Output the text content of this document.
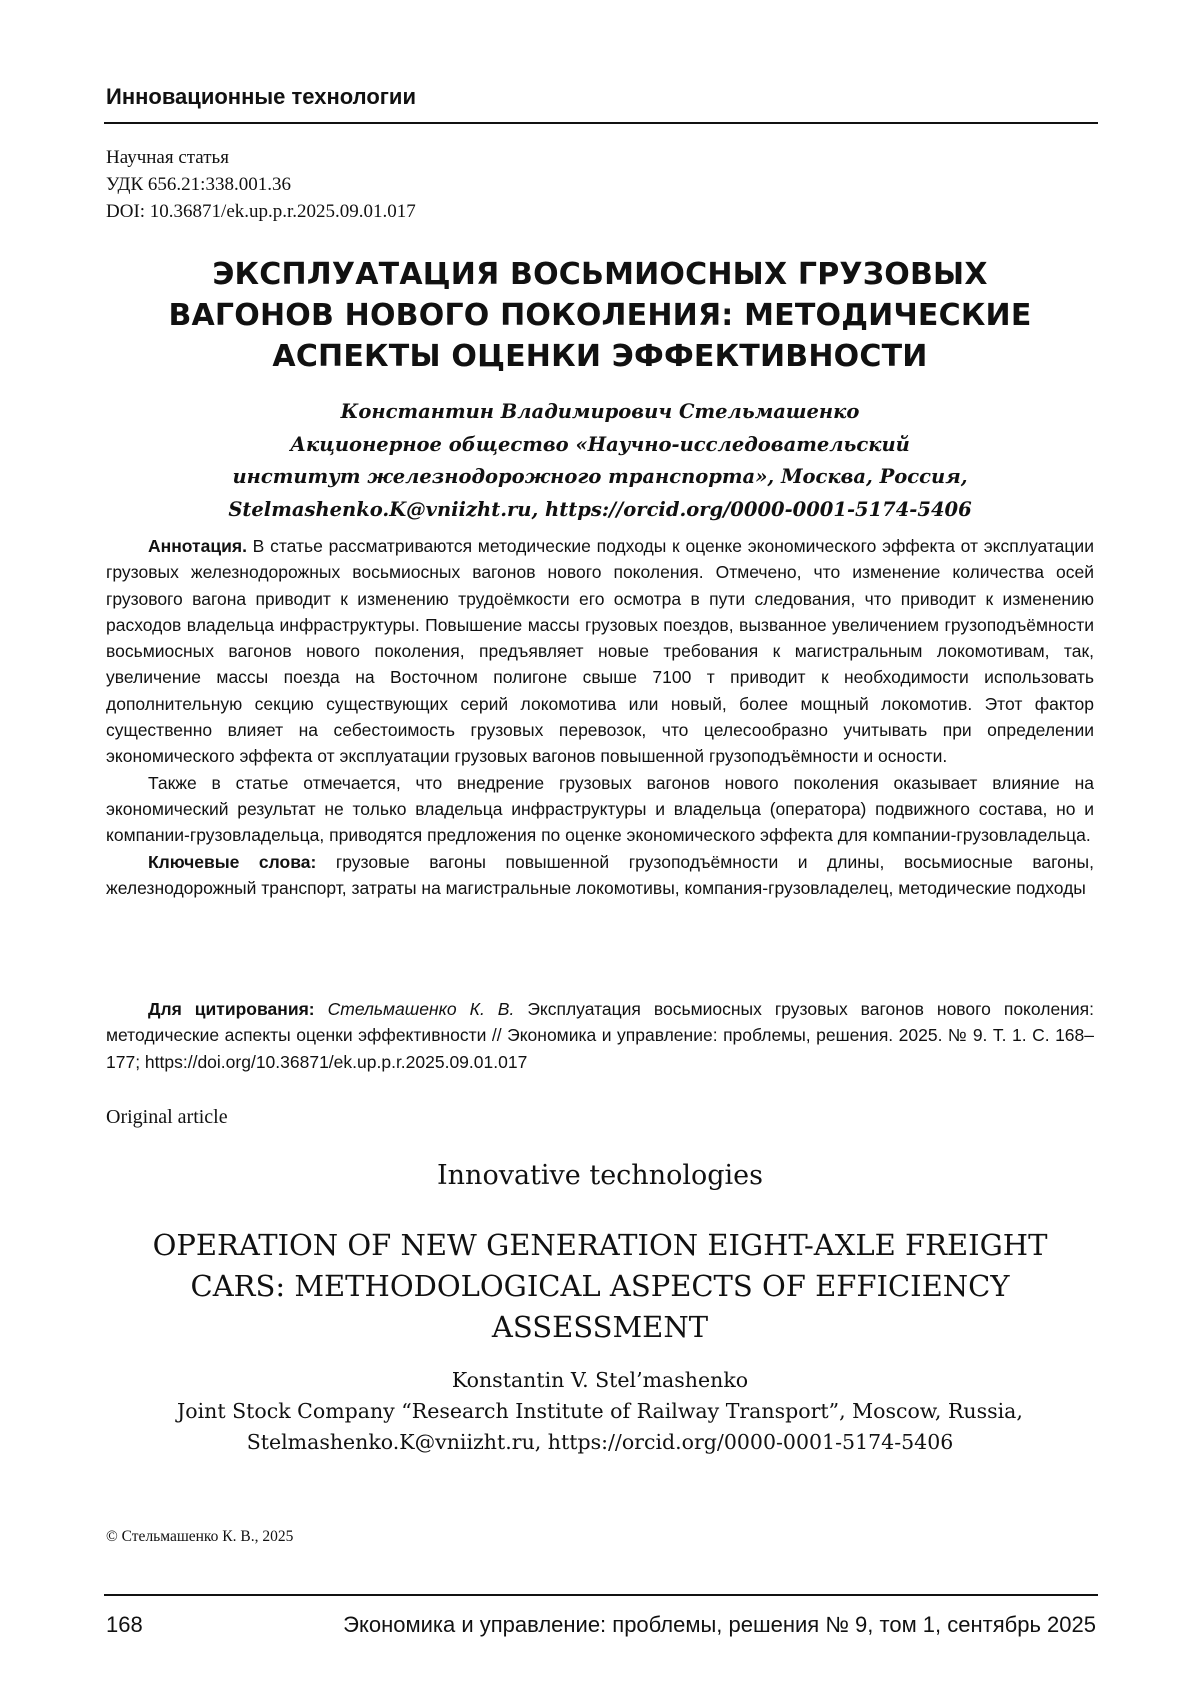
Инновационные технологии
Научная статья
УДК 656.21:338.001.36
DOI: 10.36871/ek.up.p.r.2025.09.01.017
ЭКСПЛУАТАЦИЯ ВОСЬМИОСНЫХ ГРУЗОВЫХ
ВАГОНОВ НОВОГО ПОКОЛЕНИЯ: МЕТОДИЧЕСКИЕ
АСПЕКТЫ ОЦЕНКИ ЭФФЕКТИВНОСТИ
Константин Владимирович Стельмашенко
Акционерное общество «Научно-исследовательский
институт железнодорожного транспорта», Москва, Россия,
Stelmashenko.K@vniizht.ru, https://orcid.org/0000-0001-5174-5406

Аннотация. В статье рассматриваются методические подходы к оценке экономического эффекта от эксплуатации грузовых железнодорожных восьмиосных вагонов нового поколения. Отмечено, что изменение количества осей грузового вагона приводит к изменению трудоёмкости его осмотра в пути следования, что приводит к изменению расходов владельца инфраструктуры. Повышение массы грузовых поездов, вызванное увеличением грузоподъёмности восьмиосных вагонов нового поколения, предъявляет новые требования к магистральным локомотивам, так, увеличение массы поезда на Восточном полигоне свыше 7100 т приводит к необходимости использовать дополнительную секцию существующих серий локомотива или новый, более мощный локомотив. Этот фактор существенно влияет на себестоимость грузовых перевозок, что целесообразно учитывать при определении экономического эффекта от эксплуатации грузовых вагонов повышенной грузоподъёмности и осности.

Также в статье отмечается, что внедрение грузовых вагонов нового поколения оказывает влияние на экономический результат не только владельца инфраструктуры и владельца (оператора) подвижного состава, но и компании-грузовладельца, приводятся предложения по оценке экономического эффекта для компании-грузовладельца.

Ключевые слова: грузовые вагоны повышенной грузоподъёмности и длины, восьмиосные вагоны, железнодорожный транспорт, затраты на магистральные локомотивы, компания-грузовладелец, методические подходы

Для цитирования: Стельмашенко К. В. Эксплуатация восьмиосных грузовых вагонов нового поколения: методические аспекты оценки эффективности // Экономика и управление: проблемы, решения. 2025. № 9. Т. 1. С. 168–177; https://doi.org/10.36871/ek.up.p.r.2025.09.01.017

Original article
Innovative technologies
OPERATION OF NEW GENERATION EIGHT-AXLE FREIGHT
CARS: METHODOLOGICAL ASPECTS OF EFFICIENCY
ASSESSMENT
Konstantin V. Stel’mashenko
Joint Stock Company “Research Institute of Railway Transport”, Moscow, Russia,
Stelmashenko.K@vniizht.ru, https://orcid.org/0000-0001-5174-5406
© Стельмашенко К. В., 2025
168	Экономика и управление: проблемы, решения № 9, том 1, сентябрь 2025
